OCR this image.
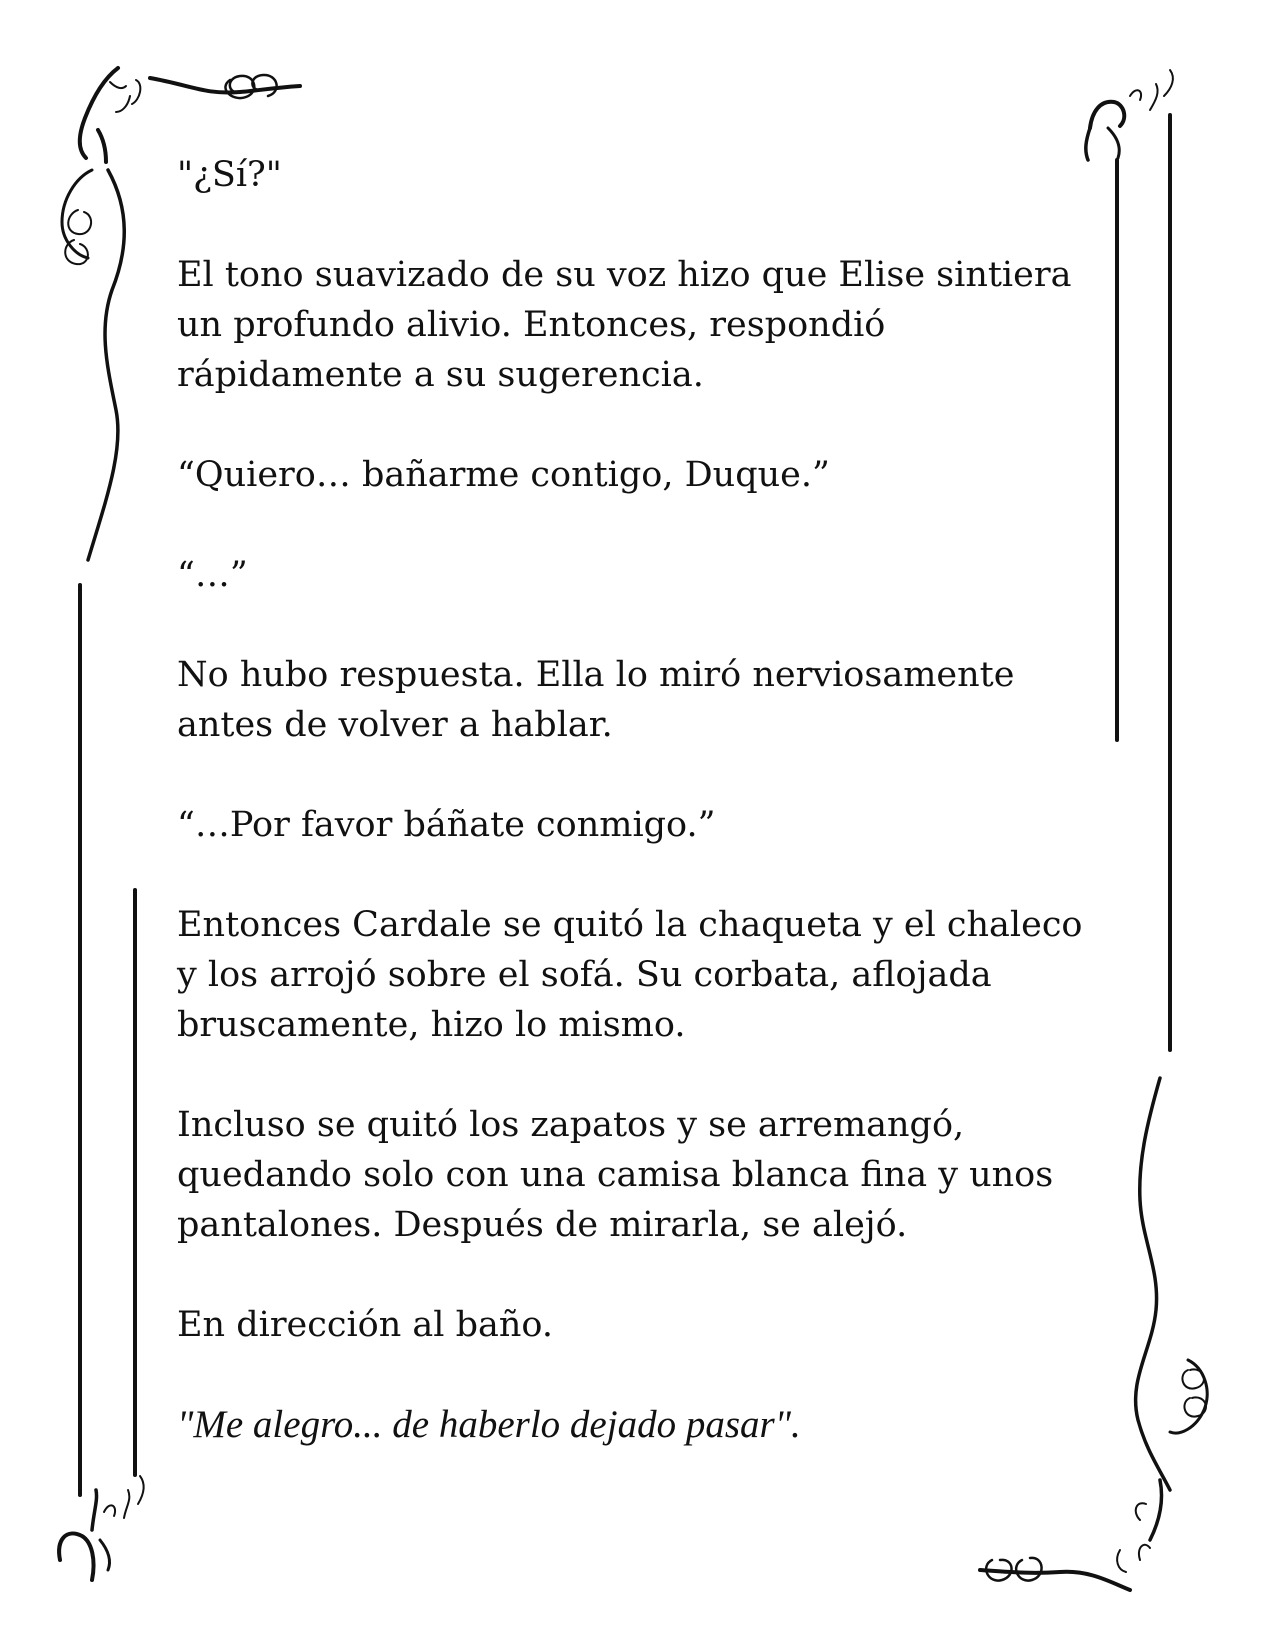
"¿Sí?"

El tono suavizado de su voz hizo que Elise sintiera un profundo alivio. Entonces, respondió rápidamente a su sugerencia.

“Quiero… bañarme contigo, Duque.”

“…”

No hubo respuesta. Ella lo miró nerviosamente antes de volver a hablar.

“…Por favor báñate conmigo.”

Entonces Cardale se quitó la chaqueta y el chaleco y los arrojó sobre el sofá. Su corbata, aflojada bruscamente, hizo lo mismo.

Incluso se quitó los zapatos y se arremangó, quedando solo con una camisa blanca fina y unos pantalones. Después de mirarla, se alejó.

En dirección al baño.

"Me alegro... de haberlo dejado pasar".
